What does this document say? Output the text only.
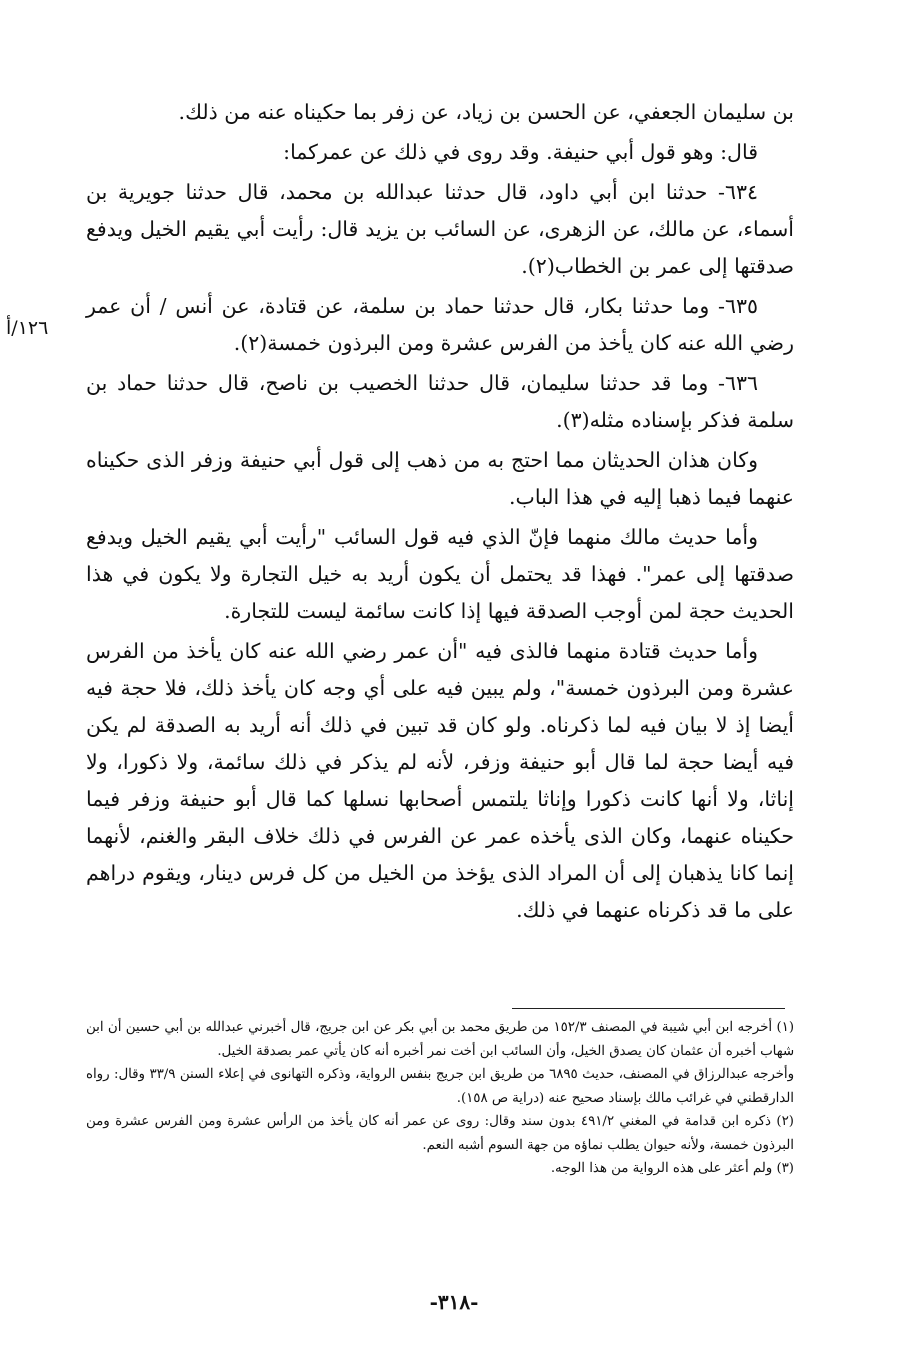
١٢٦/أ

بن سليمان الجعفي، عن الحسن بن زياد، عن زفر بما حكيناه عنه من ذلك.

قال: وهو قول أبي حنيفة. وقد روى في ذلك عن عمركما:

٦٣٤- حدثنا ابن أبي داود، قال حدثنا عبدالله بن محمد، قال حدثنا جويرية بن أسماء، عن مالك، عن الزهرى، عن السائب بن يزيد قال: رأيت أبي يقيم الخيل ويدفع صدقتها إلى عمر بن الخطاب(٢).

٦٣٥- وما حدثنا بكار، قال حدثنا حماد بن سلمة، عن قتادة، عن أنس / أن عمر رضي الله عنه كان يأخذ من الفرس عشرة ومن البرذون خمسة(٢).

٦٣٦- وما قد حدثنا سليمان، قال حدثنا الخصيب بن ناصح، قال حدثنا حماد بن سلمة فذكر بإسناده مثله(٣).

وكان هذان الحديثان مما احتج به من ذهب إلى قول أبي حنيفة وزفر الذى حكيناه عنهما فيما ذهبا إليه في هذا الباب.

وأما حديث مالك منهما فإنّ الذي فيه قول السائب "رأيت أبي يقيم الخيل ويدفع صدقتها إلى عمر". فهذا قد يحتمل أن يكون أريد به خيل التجارة ولا يكون في هذا الحديث حجة لمن أوجب الصدقة فيها إذا كانت سائمة ليست للتجارة.

وأما حديث قتادة منهما فالذى فيه "أن عمر رضي الله عنه كان يأخذ من الفرس عشرة ومن البرذون خمسة"، ولم يبين فيه على أي وجه كان يأخذ ذلك، فلا حجة فيه أيضا إذ لا بيان فيه لما ذكرناه. ولو كان قد تبين في ذلك أنه أريد به الصدقة لم يكن فيه أيضا حجة لما قال أبو حنيفة وزفر، لأنه لم يذكر في ذلك سائمة، ولا ذكورا، ولا إناثا، ولا أنها كانت ذكورا وإناثا يلتمس أصحابها نسلها كما قال أبو حنيفة وزفر فيما حكيناه عنهما، وكان الذى يأخذه عمر عن الفرس في ذلك خلاف البقر والغنم، لأنهما إنما كانا يذهبان إلى أن المراد الذى يؤخذ من الخيل من كل فرس دينار، ويقوم دراهم على ما قد ذكرناه عنهما في ذلك.

(١) أخرجه ابن أبي شيبة في المصنف ١٥٢/٣ من طريق محمد بن أبي بكر عن ابن جريج، قال أخبرني عبدالله بن أبي حسين أن ابن شهاب أخبره أن عثمان كان يصدق الخيل، وأن السائب ابن أخت نمر أخبره أنه كان يأتي عمر بصدقة الخيل.

وأخرجه عبدالرزاق في المصنف، حديث ٦٨٩٥ من طريق ابن جريج بنفس الرواية، وذكره التهانوى في إعلاء السنن ٣٣/٩ وقال: رواه الدارقطني في غرائب مالك بإسناد صحيح عنه (دراية ص ١٥٨).

(٢) ذكره ابن قدامة في المغني ٤٩١/٢ بدون سند وقال: روى عن عمر أنه كان يأخذ من الرأس عشرة ومن الفرس عشرة ومن البرذون خمسة، ولأنه حيوان يطلب نماؤه من جهة السوم أشبه النعم.

(٣) ولم أعثر على هذه الرواية من هذا الوجه.

-٣١٨-
